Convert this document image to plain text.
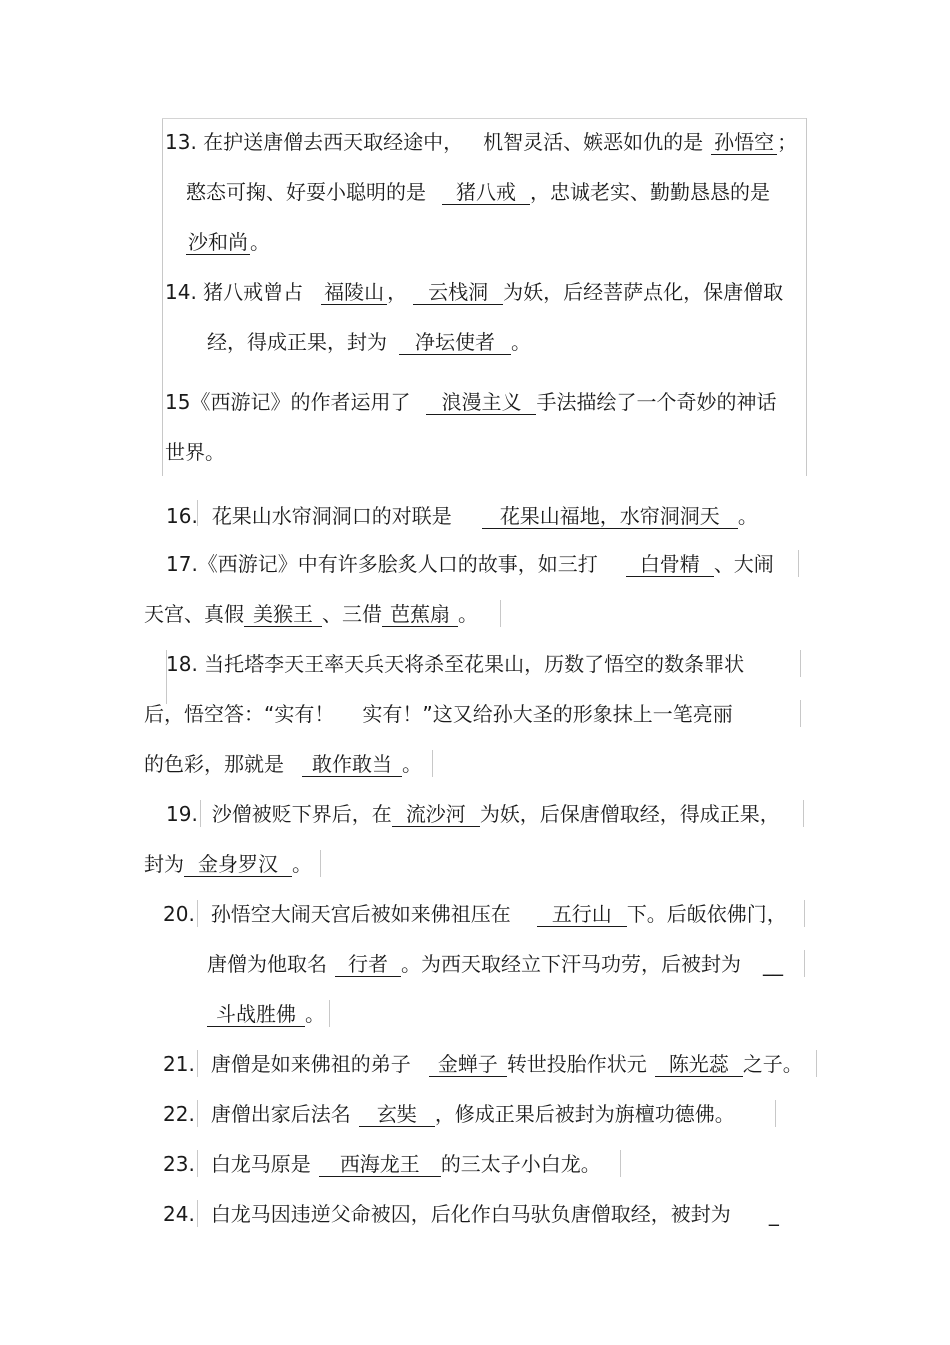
13. 在护送唐僧去西天取经途中， 机智灵活、嫉恶如仇的是 孙悟空 ；
憨态可掬、好耍小聪明的是 猪八戒 ，忠诚老实、勤勤恳恳的是
沙和尚 。
14. 猪八戒曾占 福陵山 ， 云栈洞 为妖，后经菩萨点化，保唐僧取
经，得成正果，封为 净坛使者 。
15《西游记》的作者运用了 浪漫主义 手法描绘了一个奇妙的神话
世界。
16. 花果山水帘洞洞口的对联是 花果山福地，水帘洞洞天 。
17.《西游记》中有许多脍炙人口的故事，如三打 白骨精 、大闹
天宫、真假 美猴王 、三借 芭蕉扇 。
18. 当托塔李天王率天兵天将杀至花果山，历数了悟空的数条罪状
后，悟空答：“实有！ 实有！”这又给孙大圣的形象抹上一笔亮丽
的色彩，那就是 敢作敢当 。
19. 沙僧被贬下界后，在 流沙河 为妖，后保唐僧取经，得成正果，
封为 金身罗汉 。
20. 孙悟空大闹天宫后被如来佛祖压在 五行山 下。后皈依佛门，
唐僧为他取名 行者 。为西天取经立下汗马功劳，后被封为 __
斗战胜佛 。
21. 唐僧是如来佛祖的弟子 金蝉子 转世投胎作状元 陈光蕊 之子。
22. 唐僧出家后法名 玄奘 ，修成正果后被封为旃檀功德佛。
23. 白龙马原是 西海龙王 的三太子小白龙。
24. 白龙马因违逆父命被囚，后化作白马驮负唐僧取经，被封为 _
